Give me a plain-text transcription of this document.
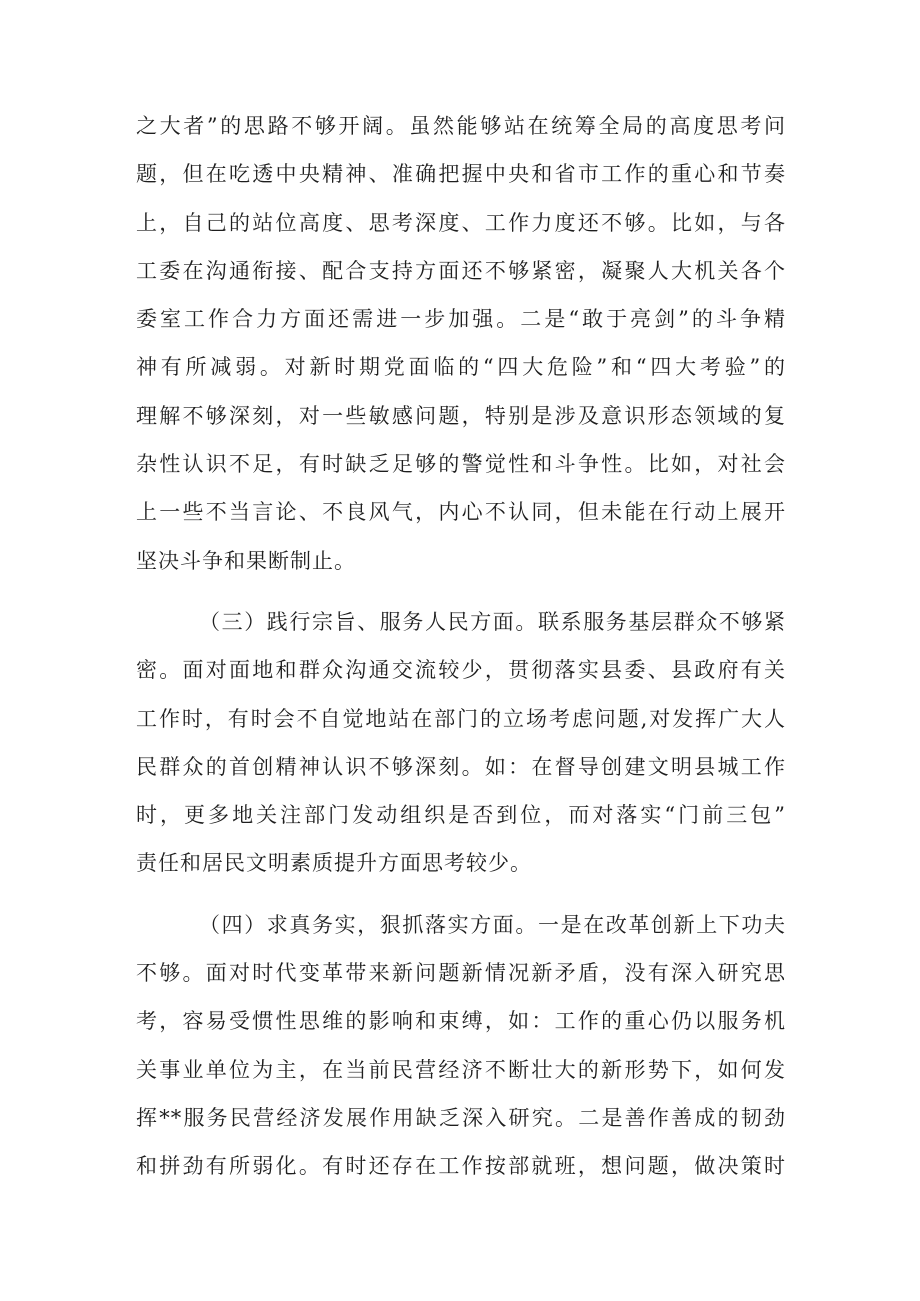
之大者”的思路不够开阔。虽然能够站在统筹全局的高度思考问
题，但在吃透中央精神、准确把握中央和省市工作的重心和节奏
上，自己的站位高度、思考深度、工作力度还不够。比如，与各
工委在沟通衔接、配合支持方面还不够紧密，凝聚人大机关各个
委室工作合力方面还需进一步加强。二是“敢于亮剑”的斗争精
神有所减弱。对新时期党面临的“四大危险”和“四大考验”的
理解不够深刻，对一些敏感问题，特别是涉及意识形态领域的复
杂性认识不足，有时缺乏足够的警觉性和斗争性。比如，对社会
上一些不当言论、不良风气，内心不认同，但未能在行动上展开
坚决斗争和果断制止。
（三）践行宗旨、服务人民方面。联系服务基层群众不够紧
密。面对面地和群众沟通交流较少，贯彻落实县委、县政府有关
工作时，有时会不自觉地站在部门的立场考虑问题,对发挥广大人
民群众的首创精神认识不够深刻。如：在督导创建文明县城工作
时，更多地关注部门发动组织是否到位，而对落实“门前三包”
责任和居民文明素质提升方面思考较少。
（四）求真务实，狠抓落实方面。一是在改革创新上下功夫
不够。面对时代变革带来新问题新情况新矛盾，没有深入研究思
考，容易受惯性思维的影响和束缚，如：工作的重心仍以服务机
关事业单位为主，在当前民营经济不断壮大的新形势下，如何发
挥**服务民营经济发展作用缺乏深入研究。二是善作善成的韧劲
和拼劲有所弱化。有时还存在工作按部就班，想问题，做决策时
